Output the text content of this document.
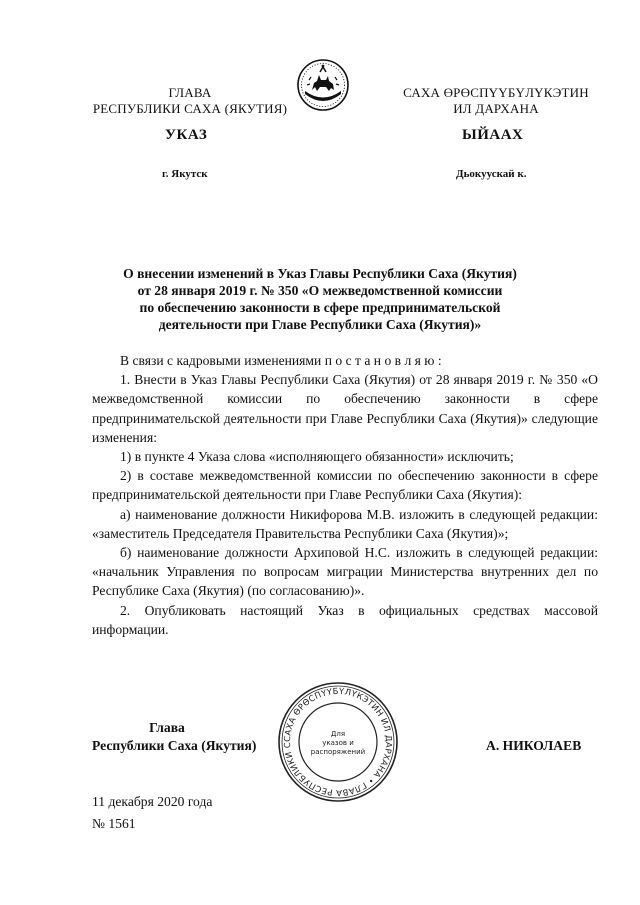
ГЛАВА
РЕСПУБЛИКИ САХА (ЯКУТИЯ)
САХА ӨРӨСПҮҮБҮЛҮКЭТИН
ИЛ ДАРХАНА
УКАЗ	ЫЙААХ
г. Якутск	Дьокуускай к.
О внесении изменений в Указ Главы Республики Саха (Якутия)
от 28 января 2019 г. № 350 «О межведомственной комиссии
по обеспечению законности в сфере предпринимательской
деятельности при Главе Республики Саха (Якутия)»

В связи с кадровыми изменениями п о с т а н о в л я ю :

1. Внести в Указ Главы Республики Саха (Якутия) от 28 января 2019 г. № 350 «О межведомственной комиссии по обеспечению законности в сфере предпринимательской деятельности при Главе Республики Саха (Якутия)» следующие изменения:

1) в пункте 4 Указа слова «исполняющего обязанности» исключить;

2) в составе межведомственной комиссии по обеспечению законности в сфере предпринимательской деятельности при Главе Республики Саха (Якутия):

а) наименование должности Никифорова М.В. изложить в следующей редакции: «заместитель Председателя Правительства Республики Саха (Якутия)»;

б) наименование должности Архиповой Н.С. изложить в следующей редакции: «начальник Управления по вопросам миграции Министерства внутренних дел по Республике Саха (Якутия) (по согласованию)».

2. Опубликовать настоящий Указ в официальных средствах массовой информации.

Глава
Республики Саха (Якутия)	САХА ӨРӨСПҮҮБҮЛҮКЭТИН ИЛ ДАРХАНА • ГЛАВА РЕСПУБЛИКИ С
Для
указов и
распоряжений	А. НИКОЛАЕВ
11 декабря 2020 года
№ 1561
